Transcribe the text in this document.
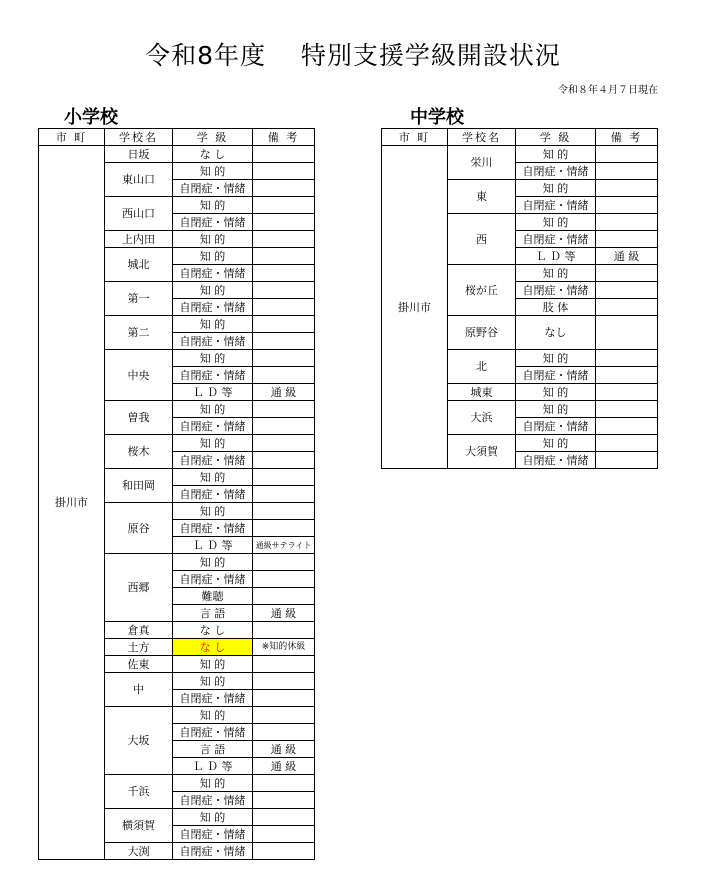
令和8年度　 特別支援学級開設状況
令和８年４月７日現在
小学校	中学校
市 町	学校名	学 級	備 考
掛川市	日坂	な し	
	東山口	知 的	
		自閉症・情緒	
	西山口	知 的	
		自閉症・情緒	
	上内田	知 的	
	城北	知 的	
		自閉症・情緒	
	第一	知 的	
		自閉症・情緒	
	第二	知 的	
		自閉症・情緒	
	中央	知 的	
		自閉症・情緒	
		Ｌ Ｄ 等	通 級
	曽我	知 的	
		自閉症・情緒	
	桜木	知 的	
		自閉症・情緒	
	和田岡	知 的	
		自閉症・情緒	
	原谷	知 的	
		自閉症・情緒	
		Ｌ Ｄ 等	通級サテライト
	西郷	知 的	
		自閉症・情緒	
		難聴	
		言 語	通 級
	倉真	な し	
	土方	な し	※知的休級
	佐東	知 的	
	中	知 的	
		自閉症・情緒	
	大坂	知 的	
		自閉症・情緒	
		言 語	通 級
		Ｌ Ｄ 等	通 級
	千浜	知 的	
		自閉症・情緒	
	横須賀	知 的	
		自閉症・情緒	
	大渕	自閉症・情緒	
市 町	学校名	学 級	備 考
掛川市	栄川	知 的	
		自閉症・情緒	
	東	知 的	
		自閉症・情緒	
	西	知 的	
		自閉症・情緒	
		Ｌ Ｄ 等	通 級
	桜が丘	知 的	
		自閉症・情緒	
		肢 体	
	原野谷	なし	
	北	知 的	
		自閉症・情緒	
	城東	知 的	
	大浜	知 的	
		自閉症・情緒	
	大須賀	知 的	
		自閉症・情緒	
